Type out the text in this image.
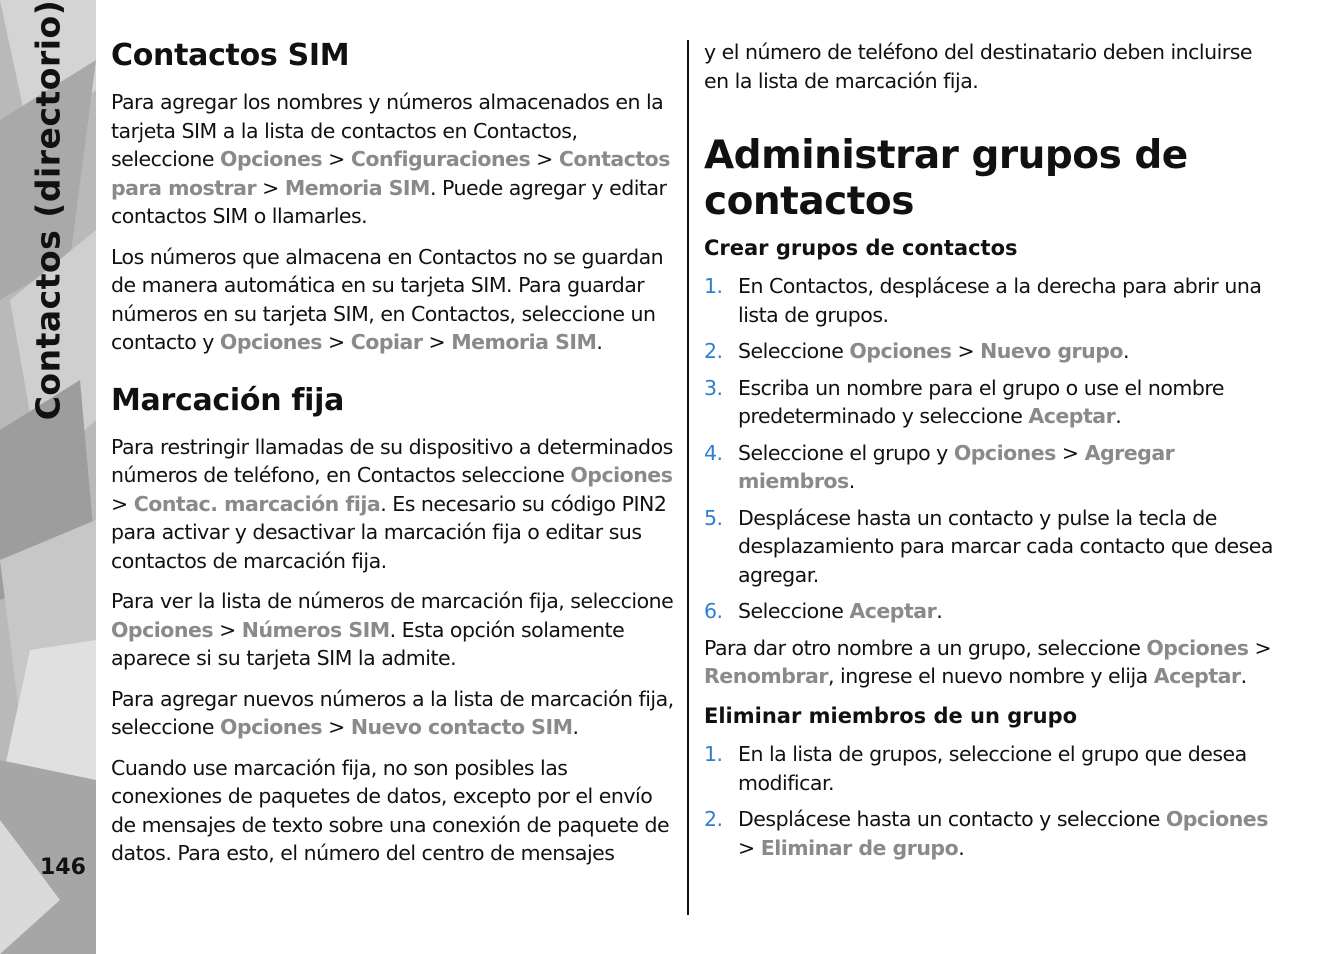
Contactos (directorio)
146
Contactos SIM

Para agregar los nombres y números almacenados en la tarjeta SIM a la lista de contactos en Contactos, seleccione Opciones > Configuraciones > Contactos para mostrar > Memoria SIM. Puede agregar y editar contactos SIM o llamarles.

Los números que almacena en Contactos no se guardan de manera automática en su tarjeta SIM. Para guardar números en su tarjeta SIM, en Contactos, seleccione un contacto y Opciones > Copiar > Memoria SIM.

Marcación fija

Para restringir llamadas de su dispositivo a determinados números de teléfono, en Contactos seleccione Opciones > Contac. marcación fija. Es necesario su código PIN2 para activar y desactivar la marcación fija o editar sus contactos de marcación fija.

Para ver la lista de números de marcación fija, seleccione Opciones > Números SIM. Esta opción solamente aparece si su tarjeta SIM la admite.

Para agregar nuevos números a la lista de marcación fija, seleccione Opciones > Nuevo contacto SIM.

Cuando use marcación fija, no son posibles las conexiones de paquetes de datos, excepto por el envío de mensajes de texto sobre una conexión de paquete de datos. Para esto, el número del centro de mensajes

y el número de teléfono del destinatario deben incluirse en la lista de marcación fija.

Administrar grupos de contactos
Crear grupos de contactos
1. En Contactos, desplácese a la derecha para abrir una lista de grupos.
2. Seleccione Opciones > Nuevo grupo.
3. Escriba un nombre para el grupo o use el nombre predeterminado y seleccione Aceptar.
4. Seleccione el grupo y Opciones > Agregar miembros.
5. Desplácese hasta un contacto y pulse la tecla de desplazamiento para marcar cada contacto que desea agregar.
6. Seleccione Aceptar.

Para dar otro nombre a un grupo, seleccione Opciones > Renombrar, ingrese el nuevo nombre y elija Aceptar.

Eliminar miembros de un grupo
1. En la lista de grupos, seleccione el grupo que desea modificar.
2. Desplácese hasta un contacto y seleccione Opciones > Eliminar de grupo.
